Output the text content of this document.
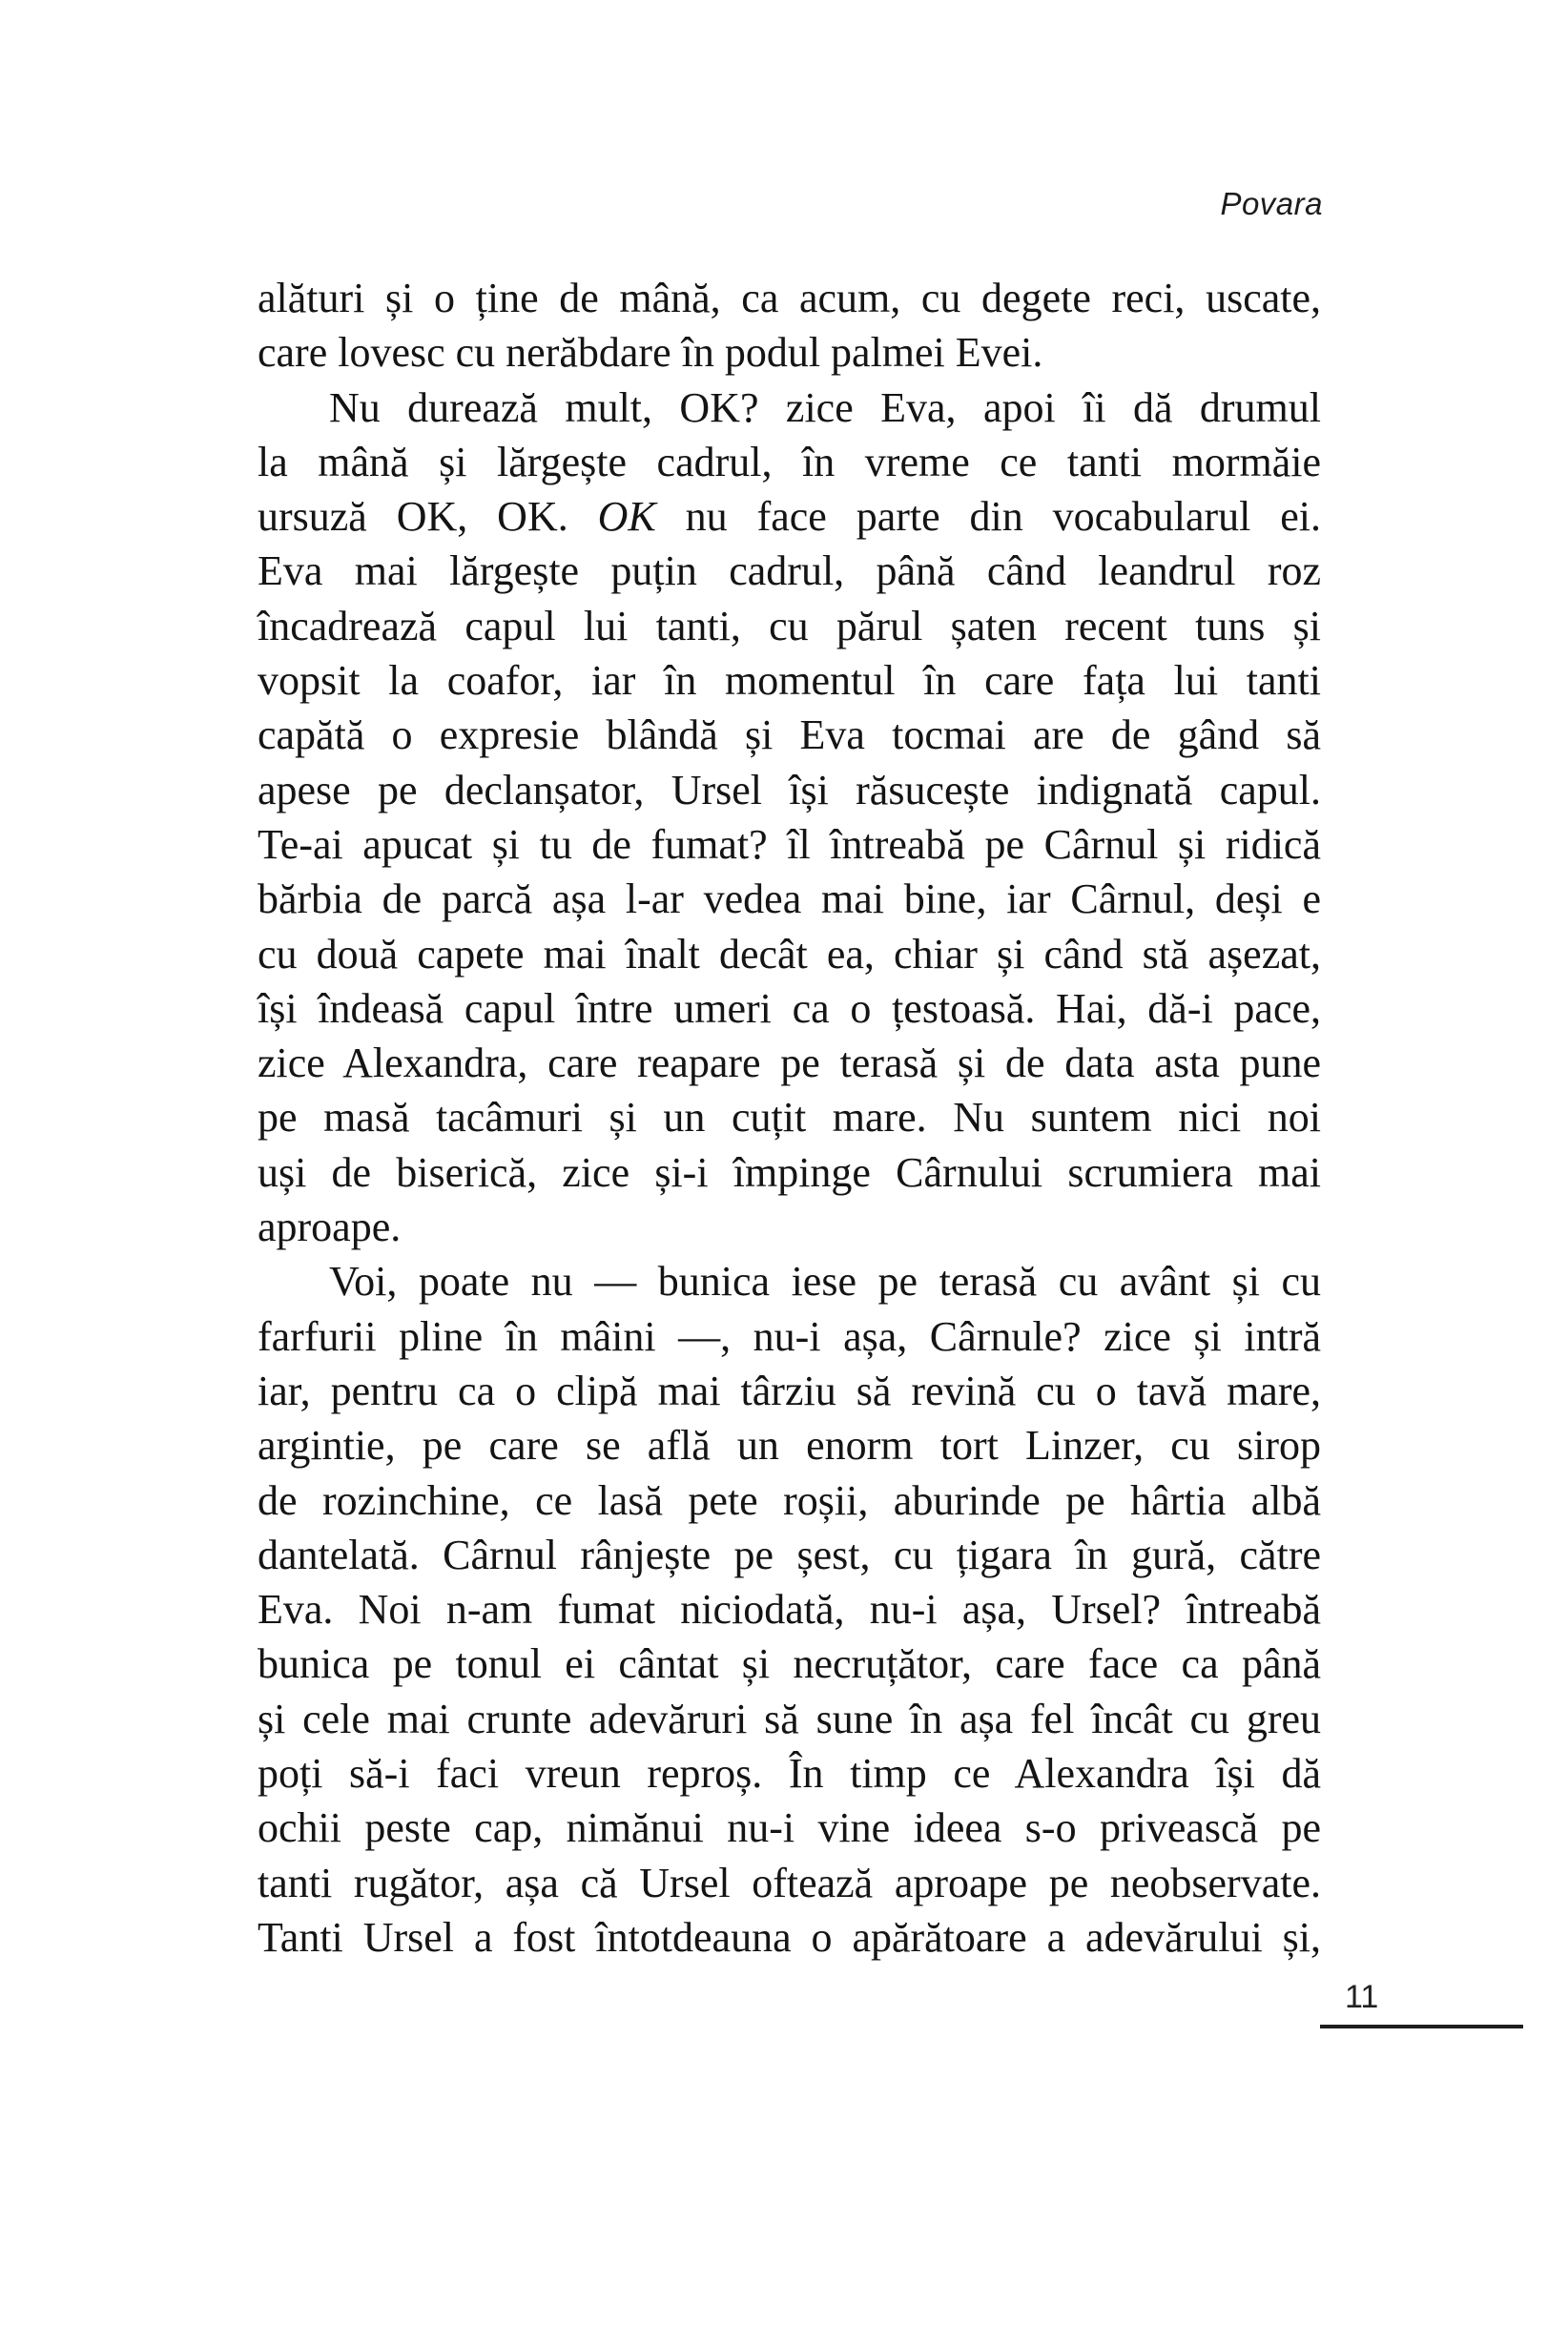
Povara
alături și o ține de mână, ca acum, cu degete reci, uscate,
care lovesc cu nerăbdare în podul palmei Evei.
Nu durează mult, OK? zice Eva, apoi îi dă drumul
la mână și lărgește cadrul, în vreme ce tanti mormăie
ursuză OK, OK. OK nu face parte din vocabularul ei.
Eva mai lărgește puțin cadrul, până când leandrul roz
încadrează capul lui tanti, cu părul șaten recent tuns și
vopsit la coafor, iar în momentul în care fața lui tanti
capătă o expresie blândă și Eva tocmai are de gând să
apese pe declanșator, Ursel își răsucește indignată capul.
Te-ai apucat și tu de fumat? îl întreabă pe Cârnul și ridică
bărbia de parcă așa l-ar vedea mai bine, iar Cârnul, deși e
cu două capete mai înalt decât ea, chiar și când stă așezat,
își îndeasă capul între umeri ca o țestoasă. Hai, dă-i pace,
zice Alexandra, care reapare pe terasă și de data asta pune
pe masă tacâmuri și un cuțit mare. Nu suntem nici noi
uși de biserică, zice și-i împinge Cârnului scrumiera mai
aproape.
Voi, poate nu — bunica iese pe terasă cu avânt și cu
farfurii pline în mâini —, nu-i așa, Cârnule? zice și intră
iar, pentru ca o clipă mai târziu să revină cu o tavă mare,
argintie, pe care se află un enorm tort Linzer, cu sirop
de rozinchine, ce lasă pete roșii, aburinde pe hârtia albă
dantelată. Cârnul rânjește pe șest, cu țigara în gură, către
Eva. Noi n-am fumat niciodată, nu-i așa, Ursel? întreabă
bunica pe tonul ei cântat și necruțător, care face ca până
și cele mai crunte adevăruri să sune în așa fel încât cu greu
poți să-i faci vreun reproș. În timp ce Alexandra își dă
ochii peste cap, nimănui nu-i vine ideea s-o privească pe
tanti rugător, așa că Ursel oftează aproape pe neobservate.
Tanti Ursel a fost întotdeauna o apărătoare a adevărului și,
11
